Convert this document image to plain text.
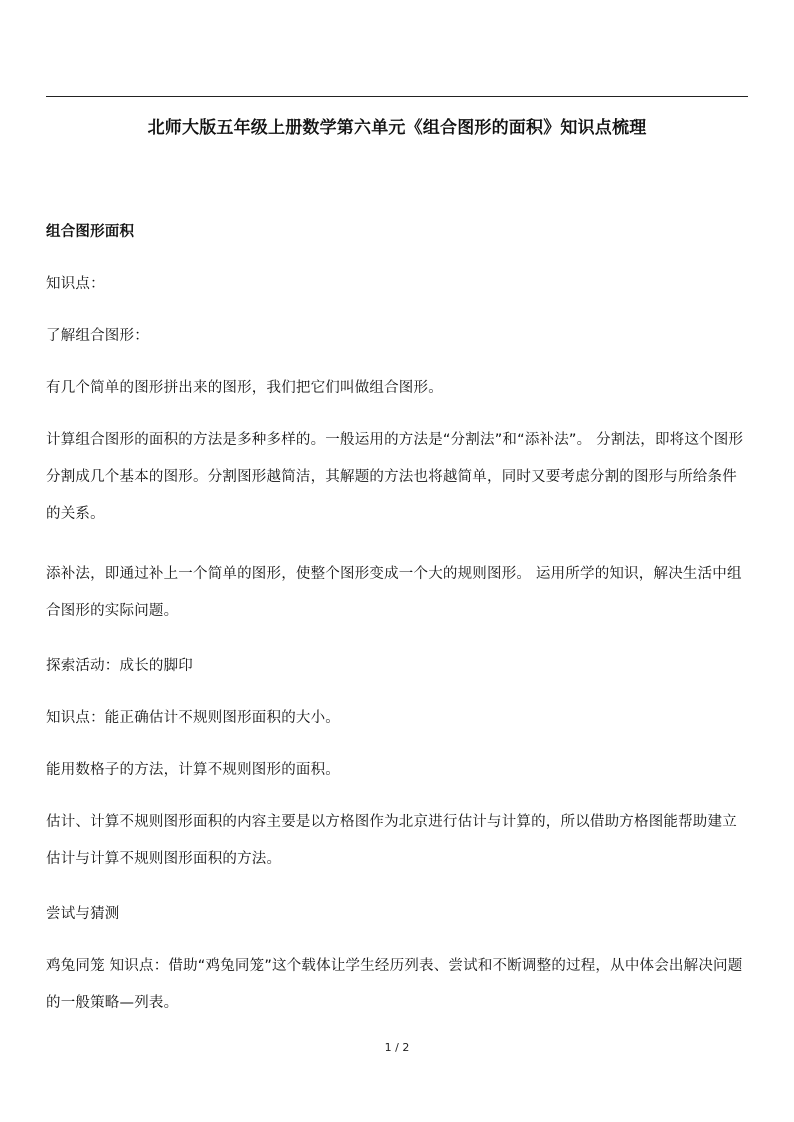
北师大版五年级上册数学第六单元《组合图形的面积》知识点梳理

组合图形面积

知识点：

了解组合图形：

有几个简单的图形拼出来的图形，我们把它们叫做组合图形。

计算组合图形的面积的方法是多种多样的。一般运用的方法是“分割法”和“添补法”。 分割法，即将这个图形分割成几个基本的图形。分割图形越简洁，其解题的方法也将越简单，同时又要考虑分割的图形与所给条件的关系。

添补法，即通过补上一个简单的图形，使整个图形变成一个大的规则图形。 运用所学的知识，解决生活中组合图形的实际问题。

探索活动：成长的脚印

知识点：能正确估计不规则图形面积的大小。

能用数格子的方法，计算不规则图形的面积。

估计、计算不规则图形面积的内容主要是以方格图作为北京进行估计与计算的，所以借助方格图能帮助建立估计与计算不规则图形面积的方法。

尝试与猜测

鸡兔同笼 知识点：借助“鸡兔同笼”这个载体让学生经历列表、尝试和不断调整的过程，从中体会出解决问题的一般策略—列表。

1 / 2
